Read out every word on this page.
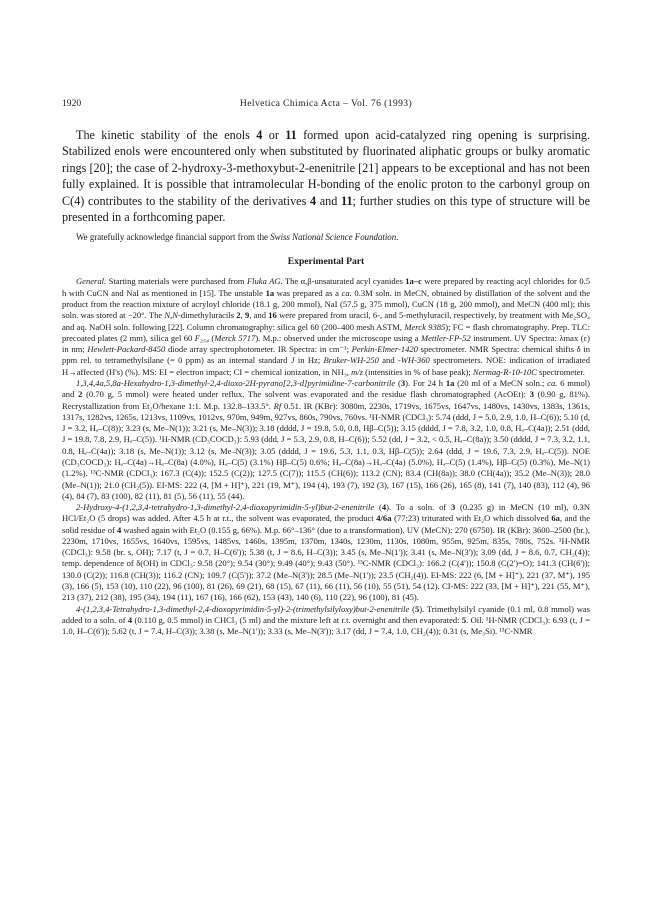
1920	Helvetica Chimica Acta – Vol. 76 (1993)

The kinetic stability of the enols 4 or 11 formed upon acid-catalyzed ring opening is surprising. Stabilized enols were encountered only when substituted by fluorinated aliphatic groups or bulky aromatic rings [20]; the case of 2-hydroxy-3-methoxybut-2-enenitrile [21] appears to be exceptional and has not been fully explained. It is possible that intramolecular H-bonding of the enolic proton to the carbonyl group on C(4) contributes to the stability of the derivatives 4 and 11; further studies on this type of structure will be presented in a forthcoming paper.

We gratefully acknowledge financial support from the Swiss National Science Foundation.

Experimental Part

General. Starting materials were purchased from Fluka AG. The α,β-unsaturated acyl cyanides 1a–c were prepared by reacting acyl chlorides for 0.5 h with CuCN and NaI as mentioned in [15]. The unstable 1a was prepared as a ca. 0.3M soln. in MeCN, obtained by distillation of the solvent and the product from the reaction mixture of acryloyl chloride (18.1 g, 200 mmol), NaI (57.5 g, 375 mmol), CuCN (18 g, 200 mmol), and MeCN (400 ml); this soln. was stored at −20°. The N,N-dimethyluracils 2, 9, and 16 were prepared from uracil, 6-, and 5-methyluracil, respectively, by treatment with Me₂SO₄ and aq. NaOH soln. following [22]. Column chromatography: silica gel 60 (200–400 mesh ASTM, Merck 9385); FC = flash chromatography. Prep. TLC: precoated plates (2 mm), silica gel 60 F₂₅₄ (Merck 5717). M.p.: observed under the microscope using a Mettler-FP-52 instrument. UV Spectra: λmax (ε) in nm; Hewlett-Packard-8450 diode array spectrophotometer. IR Spectra: in cm⁻¹; Perkin-Elmer-1420 spectrometer. NMR Spectra: chemical shifts δ in ppm rel. to tetramethylsilane (= 0 ppm) as an internal standard J in Hz; Bruker-WH-250 and -WH-360 spectrometers. NOE: indication of irradiated H→affected (H's) (%). MS: EI = electron impact; CI = chemical ionization, in NH₃, m/z (intensities in % of base peak); Nermag-R-10-10C spectrometer.

1,3,4,4a,5,8a-Hexahydro-1,3-dimethyl-2,4-dioxo-2H-pyrano[2,3-d]pyrimidine-7-carbonitrile (3). For 24 h 1a (20 ml of a MeCN soln.; ca. 6 mmol) and 2 (0.70 g, 5 mmol) were heated under reflux. The solvent was evaporated and the residue flash chromatographed (AcOEt): 3 (0.90 g, 81%). Recrystallization from Et₂O/hexane 1:1. M.p. 132.8–133.5°. Rf 0.51. IR (KBr): 3080m, 2230s, 1719vs, 1675vs, 1647vs, 1480vs, 1430vs, 1383s, 1361s, 1317s, 1282vs, 1265s, 1213vs, 1109vs, 1012vs, 970m, 949m, 927vs, 860s, 790vs, 760vs. ¹H-NMR (CDCl₃): 5.74 (ddd, J = 5.0, 2.9, 1.0, H–C(6)); 5.10 (d, J = 3.2, Hₐ–C(8)); 3.23 (s, Me–N(1)); 3.21 (s, Me–N(3)); 3.18 (dddd, J = 19.8, 5.0, 0.8, Hβ–C(5)); 3.15 (dddd, J = 7.8, 3.2, 1.0, 0.8, Hₐ–C(4a)); 2.51 (ddd, J = 19.8, 7.8, 2.9, Hₐ–C(5)). ¹H-NMR (CD₃COCD₃): 5.93 (ddd, J = 5.3, 2.9, 0.8, H–C(6)); 5.52 (dd, J = 3.2, < 0.5, Hₐ–C(8a)); 3.50 (dddd, J = 7.3, 3.2, 1.1, 0.8, Hₐ–C(4a)); 3.18 (s, Me–N(1)); 3.12 (s, Me–N(3)); 3.05 (dddd, J = 19.6, 5.3, 1.1, 0.3, Hβ–C(5)); 2.64 (ddd, J = 19.6, 7.3, 2.9, Hₐ–C(5)). NOE (CD₃COCD₃): Hₐ–C(4a)→Hₐ–C(8a) (4.0%), Hₐ–C(5) (3.1%) Hβ–C(5) 0.6%; Hₐ–C(8a)→Hₐ–C(4a) (5.0%), Hₐ–C(5) (1.4%), Hβ–C(5) (0.3%), Me–N(1) (1.2%). ¹³C-NMR (CDCl₃): 167.3 (C(4)); 152.5 (C(2)); 127.5 (C(7)); 115.5 (CH(6)); 113.2 (CN); 83.4 (CH(8a)); 38.0 (CH(4a)); 35.2 (Me–N(3)); 28.0 (Me–N(1)); 21.0 (CH₂(5)). EI-MS: 222 (4, [M + H]⁺), 221 (19, M⁺), 194 (4), 193 (7), 192 (3), 167 (15), 166 (26), 165 (8), 141 (7), 140 (83), 112 (4), 96 (4), 84 (7), 83 (100), 82 (11), 81 (5), 56 (11), 55 (44).

2-Hydroxy-4-(1,2,3,4-tetrahydro-1,3-dimethyl-2,4-dioxopyrimidin-5-yl)but-2-enenitrile (4). To a soln. of 3 (0.235 g) in MeCN (10 ml), 0.3N HCl/Et₂O (5 drops) was added. After 4.5 h at r.t., the solvent was evaporated, the product 4/6a (77:23) triturated with Et₂O which dissolved 6a, and the solid residue of 4 washed again with Et₂O (0.155 g, 66%). M.p. 66°–136° (due to a transformation). UV (MeCN): 270 (6750). IR (KBr): 3600–2500 (br.), 2230m, 1710vs, 1655vs, 1640vs, 1595vs, 1485vs, 1460s, 1395m, 1370m, 1340s, 1230m, 1130s, 1080m, 955m, 925m, 835s, 780s, 752s. ¹H-NMR (CDCl₃): 9.58 (br. s, OH); 7.17 (t, J = 0.7, H–C(6')); 5.38 (t, J = 8.6, H–C(3)); 3.45 (s, Me–N(1')); 3.41 (s, Me–N(3')); 3.09 (dd, J = 8.6, 0.7, CH₂(4)); temp. dependence of δ(OH) in CDCl₃: 9.58 (20°); 9.54 (30°); 9.49 (40°); 9.43 (50°). ¹³C-NMR (CDCl₃): 166.2 (C(4')); 150.8 (C(2')=O); 141.3 (CH(6')); 130.0 (C(2)); 116.8 (CH(3)); 116.2 (CN); 109.7 (C(5')); 37.2 (Me–N(3')); 28.5 (Me–N(1')); 23.5 (CH₂(4)). EI-MS: 222 (6, [M + H]⁺), 221 (37, M⁺), 195 (3), 166 (5), 153 (10), 110 (22), 96 (100), 81 (26), 69 (21), 68 (15), 67 (11), 66 (11), 56 (10), 55 (51), 54 (12). CI-MS: 222 (33, [M + H]⁺), 221 (55, M⁺), 213 (37), 212 (38), 195 (34), 194 (11), 167 (16), 166 (62), 153 (43), 140 (6), 110 (22), 96 (100), 81 (45).

4-(1,2,3,4-Tetrahydro-1,3-dimethyl-2,4-dioxopyrimidin-5-yl)-2-(trimethylsilyloxy)but-2-enenitrile (5). Trimethylsilyl cyanide (0.1 ml, 0.8 mmol) was added to a soln. of 4 (0.110 g, 0.5 mmol) in CHCl₃ (5 ml) and the mixture left at r.t. overnight and then evaporated: 5. Oil. ¹H-NMR (CDCl₃): 6.93 (t, J = 1.0, H–C(6')); 5.62 (t, J = 7.4, H–C(3)); 3.38 (s, Me–N(1')); 3.33 (s, Me–N(3')); 3.17 (dd, J = 7.4, 1.0, CH₂(4)); 0.31 (s, Me₃Si). ¹³C-NMR
